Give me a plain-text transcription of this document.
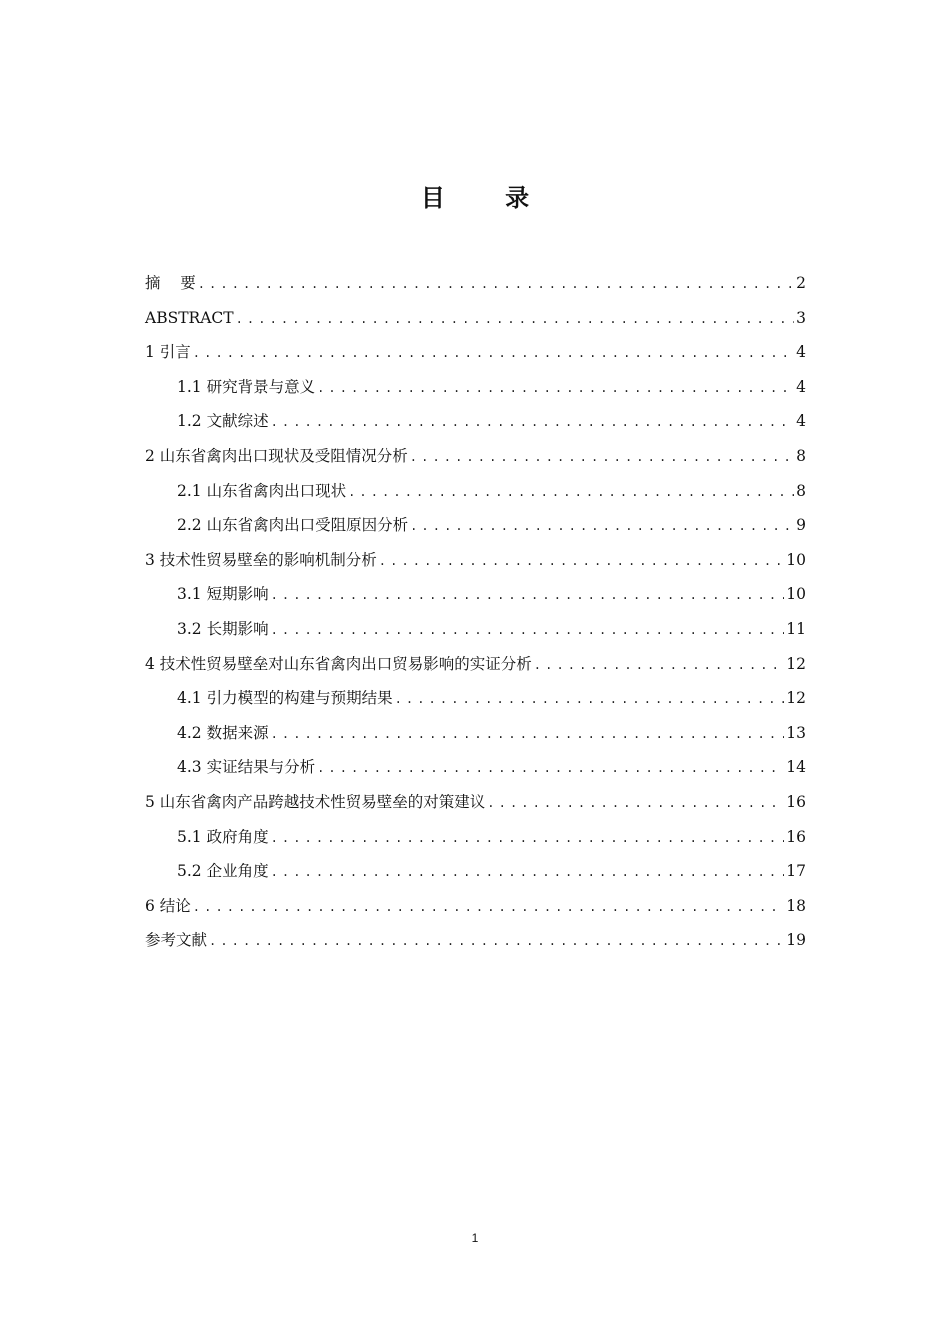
目 录
摘    要 .....	2
ABSTRACT .....	3
1 引言 .....	4
1.1 研究背景与意义 .....	4
1.2 文献综述 .....	4
2 山东省禽肉出口现状及受阻情况分析 .....	8
2.1 山东省禽肉出口现状 .....	8
2.2 山东省禽肉出口受阻原因分析 .....	9
3 技术性贸易壁垒的影响机制分析 .....	10
3.1 短期影响 .....	10
3.2 长期影响 .....	11
4 技术性贸易壁垒对山东省禽肉出口贸易影响的实证分析 .....	12
4.1 引力模型的构建与预期结果 .....	12
4.2 数据来源 .....	13
4.3 实证结果与分析 .....	14
5 山东省禽肉产品跨越技术性贸易壁垒的对策建议 .....	16
5.1 政府角度 .....	16
5.2 企业角度 .....	17
6 结论 .....	18
参考文献 .....	19
1
